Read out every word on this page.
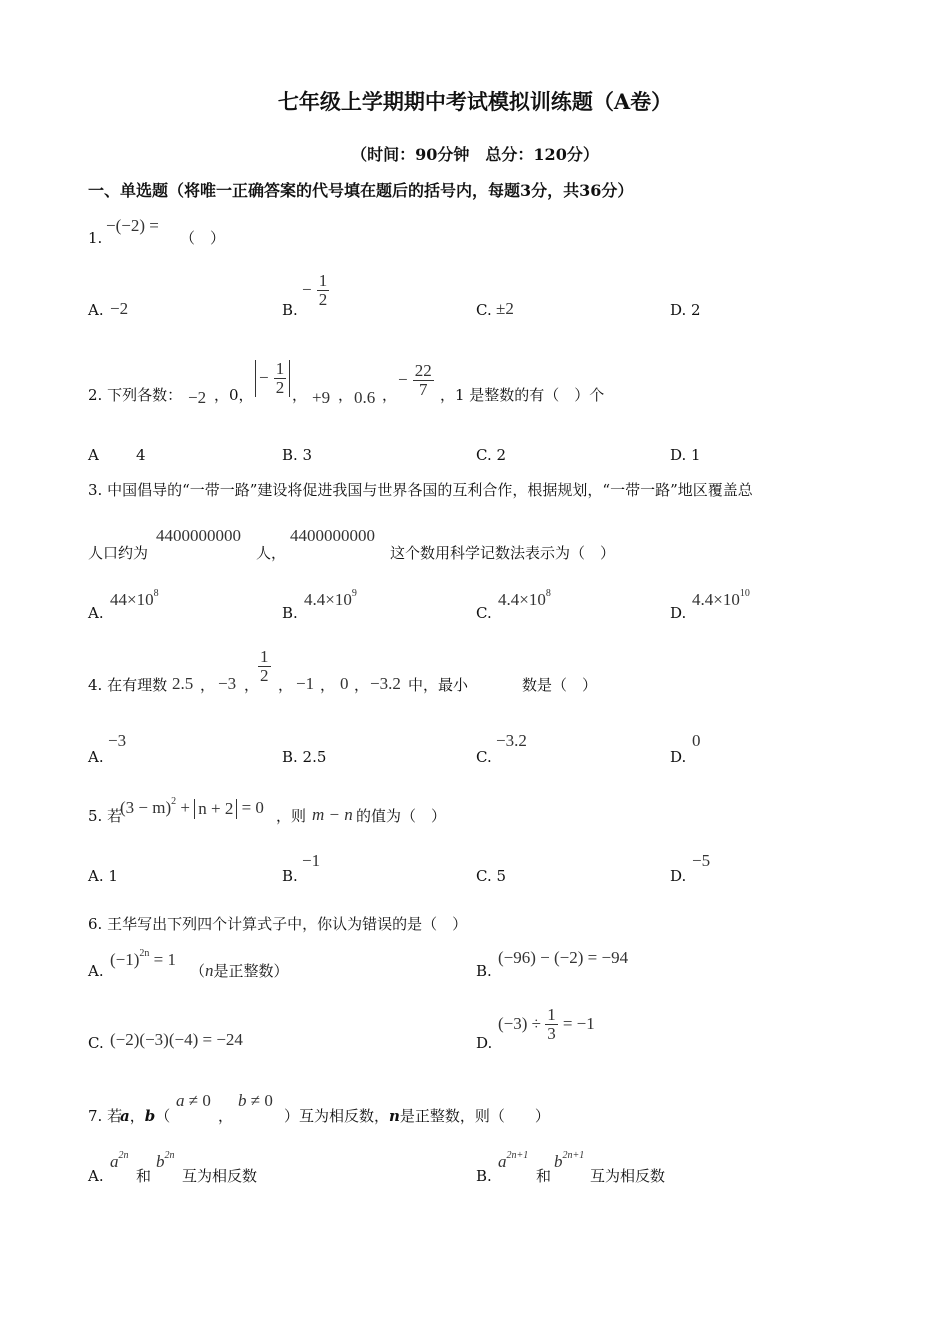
七年级上学期期中考试模拟训练题（A卷）
（时间：90分钟　总分：120分）
一、单选题（将唯一正确答案的代号填在题后的括号内，每题3分，共36分）
1.
−(−2) =
（　）
A. −2	B.
− $\frac{1}{2}$
C. ±2	D. 2
2. 下列各数： −2 ，0，
− $\frac{1}{2}$ ， +9 ， 0.6 ，
− $\frac{22}{7}$ ，1 是整数的有（　）个
A 4	B. 3	C. 2	D. 1
3. 中国倡导的“一带一路”建设将促进我国与世界各国的互利合作，根据规划，“一带一路”地区覆盖总
人口约为
4400000000
人，
4400000000
这个数用科学记数法表示为（　）
A.
$44\times 10^8$
B.
$4.4\times 10^9$
C.
$4.4\times 10^8$
D.
$4.4\times 10^{10}$
4. 在有理数 2.5 ， −3 ，
$\frac{1}{2}$ ， −1 ， 0 ， −3.2 中，最小	数是（　）
A.
−3
B. 2.5	C.
−3.2
D.
0
5. 若
$(3 - m)^2 + n + 2 = 0$ ，则 m − n 的值为（　）
A. 1	B.
−1
C. 5	D.
−5
6. 王华写出下列四个计算式子中，你认为错误的是（　）
A.
$(-1)^{2n} = 1$
（n是正整数）	B.
(−96) − (−2) = −94
C. (−2)(−3)(−4) = −24	D.
$(-3) \div \frac{1}{3} = -1$
7. 若
a，b（
a ≠ 0
，
b ≠ 0
）互为相反数，n是正整数，则（　　）
A.
$a^{2n}$
和
$b^{2n}$
互为相反数	B.
$a^{2n+1}$
和
$b^{2n+1}$
互为相反数
